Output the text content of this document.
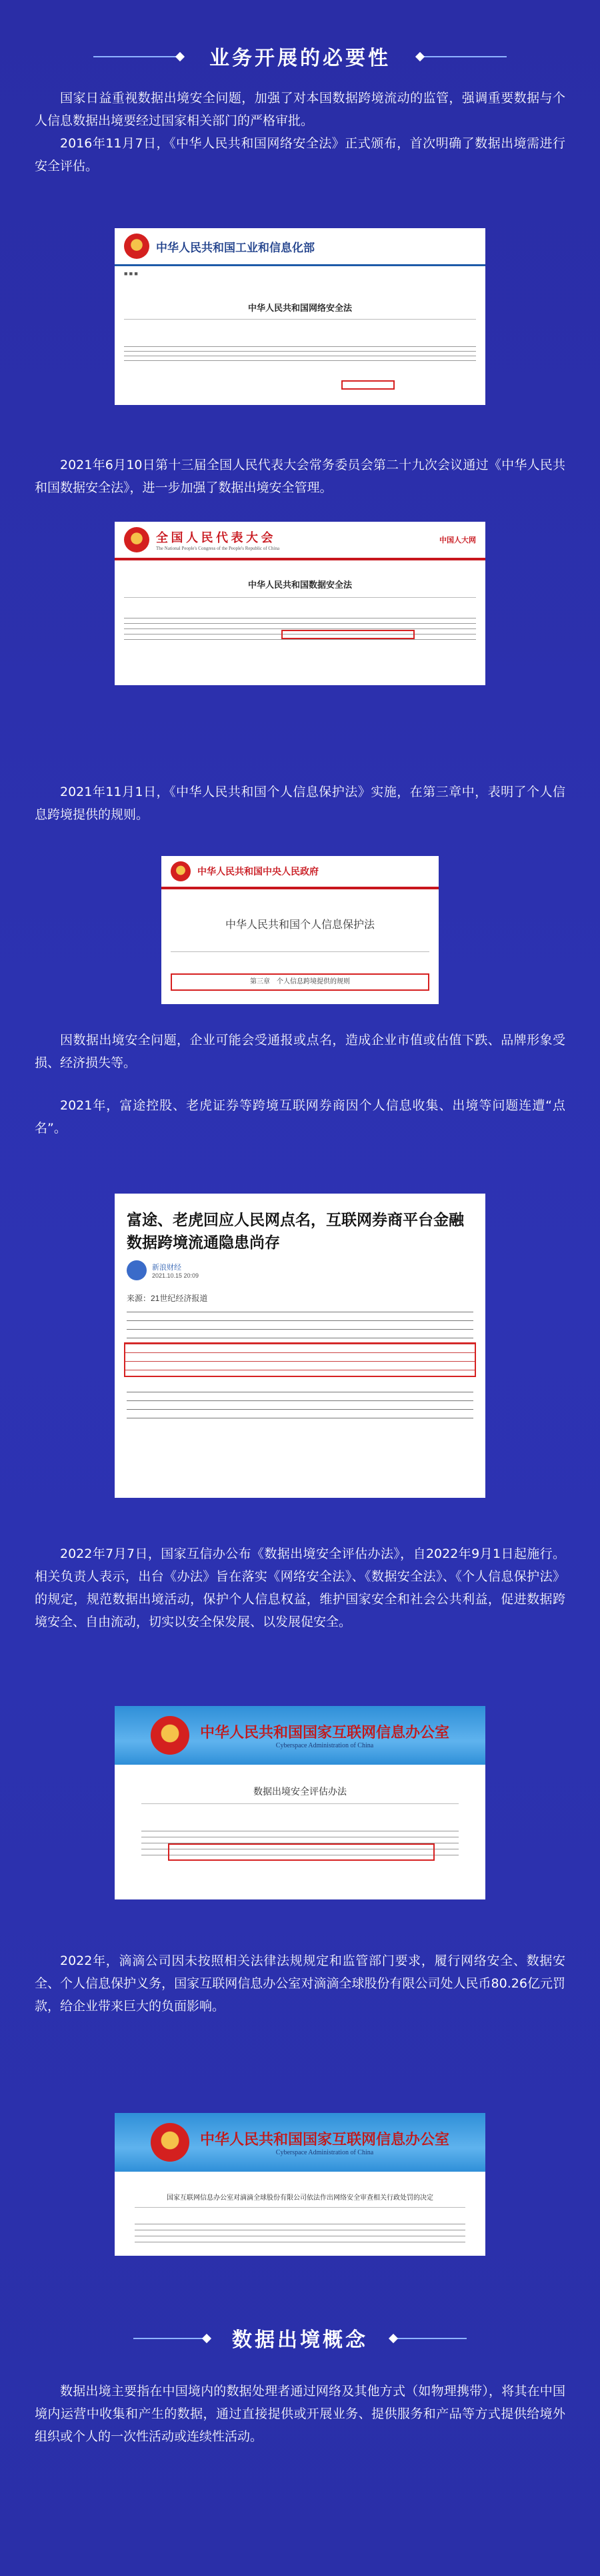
业务开展的必要性
国家日益重视数据出境安全问题，加强了对本国数据跨境流动的监管，强调重要数据与个人信息数据出境要经过国家相关部门的严格审批。
2016年11月7日，《中华人民共和国网络安全法》正式颁布，首次明确了数据出境需进行安全评估。
中华人民共和国工业和信息化部
■ ■ ■
中华人民共和国网络安全法
2021年6月10日第十三届全国人民代表大会常务委员会第二十九次会议通过《中华人民共和国数据安全法》，进一步加强了数据出境安全管理。
全 国 人 民 代 表 大 会
The National People's Congress of the People's Republic of China
中国人大网
中华人民共和国数据安全法
2021年11月1日，《中华人民共和国个人信息保护法》实施，在第三章中，表明了个人信息跨境提供的规则。
中华人民共和国中央人民政府
中华人民共和国个人信息保护法
第三章　个人信息跨境提供的规则
因数据出境安全问题，企业可能会受通报或点名，造成企业市值或估值下跌、品牌形象受损、经济损失等。
2021年，富途控股、老虎证券等跨境互联网券商因个人信息收集、出境等问题连遭“点名”。
富途、老虎回应人民网点名，互联网券商平台金融数据跨境流通隐患尚存
新浪财经
2021.10.15 20:09
来源：21世纪经济报道
2022年7月7日，国家互信办公布《数据出境安全评估办法》，自2022年9月1日起施行。相关负责人表示，出台《办法》旨在落实《网络安全法》、《数据安全法》、《个人信息保护法》的规定，规范数据出境活动，保护个人信息权益，维护国家安全和社会公共利益，促进数据跨境安全、自由流动，切实以安全保发展、以发展促安全。
中华人民共和国国家互联网信息办公室
Cyberspace Administration of China
数据出境安全评估办法
2022年，滴滴公司因未按照相关法律法规规定和监管部门要求，履行网络安全、数据安全、个人信息保护义务，国家互联网信息办公室对滴滴全球股份有限公司处人民币80.26亿元罚款，给企业带来巨大的负面影响。
中华人民共和国国家互联网信息办公室
Cyberspace Administration of China
国家互联网信息办公室对滴滴全球股份有限公司依法作出网络安全审查相关行政处罚的决定
数据出境概念
数据出境主要指在中国境内的数据处理者通过网络及其他方式（如物理携带），将其在中国境内运营中收集和产生的数据，通过直接提供或开展业务、提供服务和产品等方式提供给境外组织或个人的一次性活动或连续性活动。
